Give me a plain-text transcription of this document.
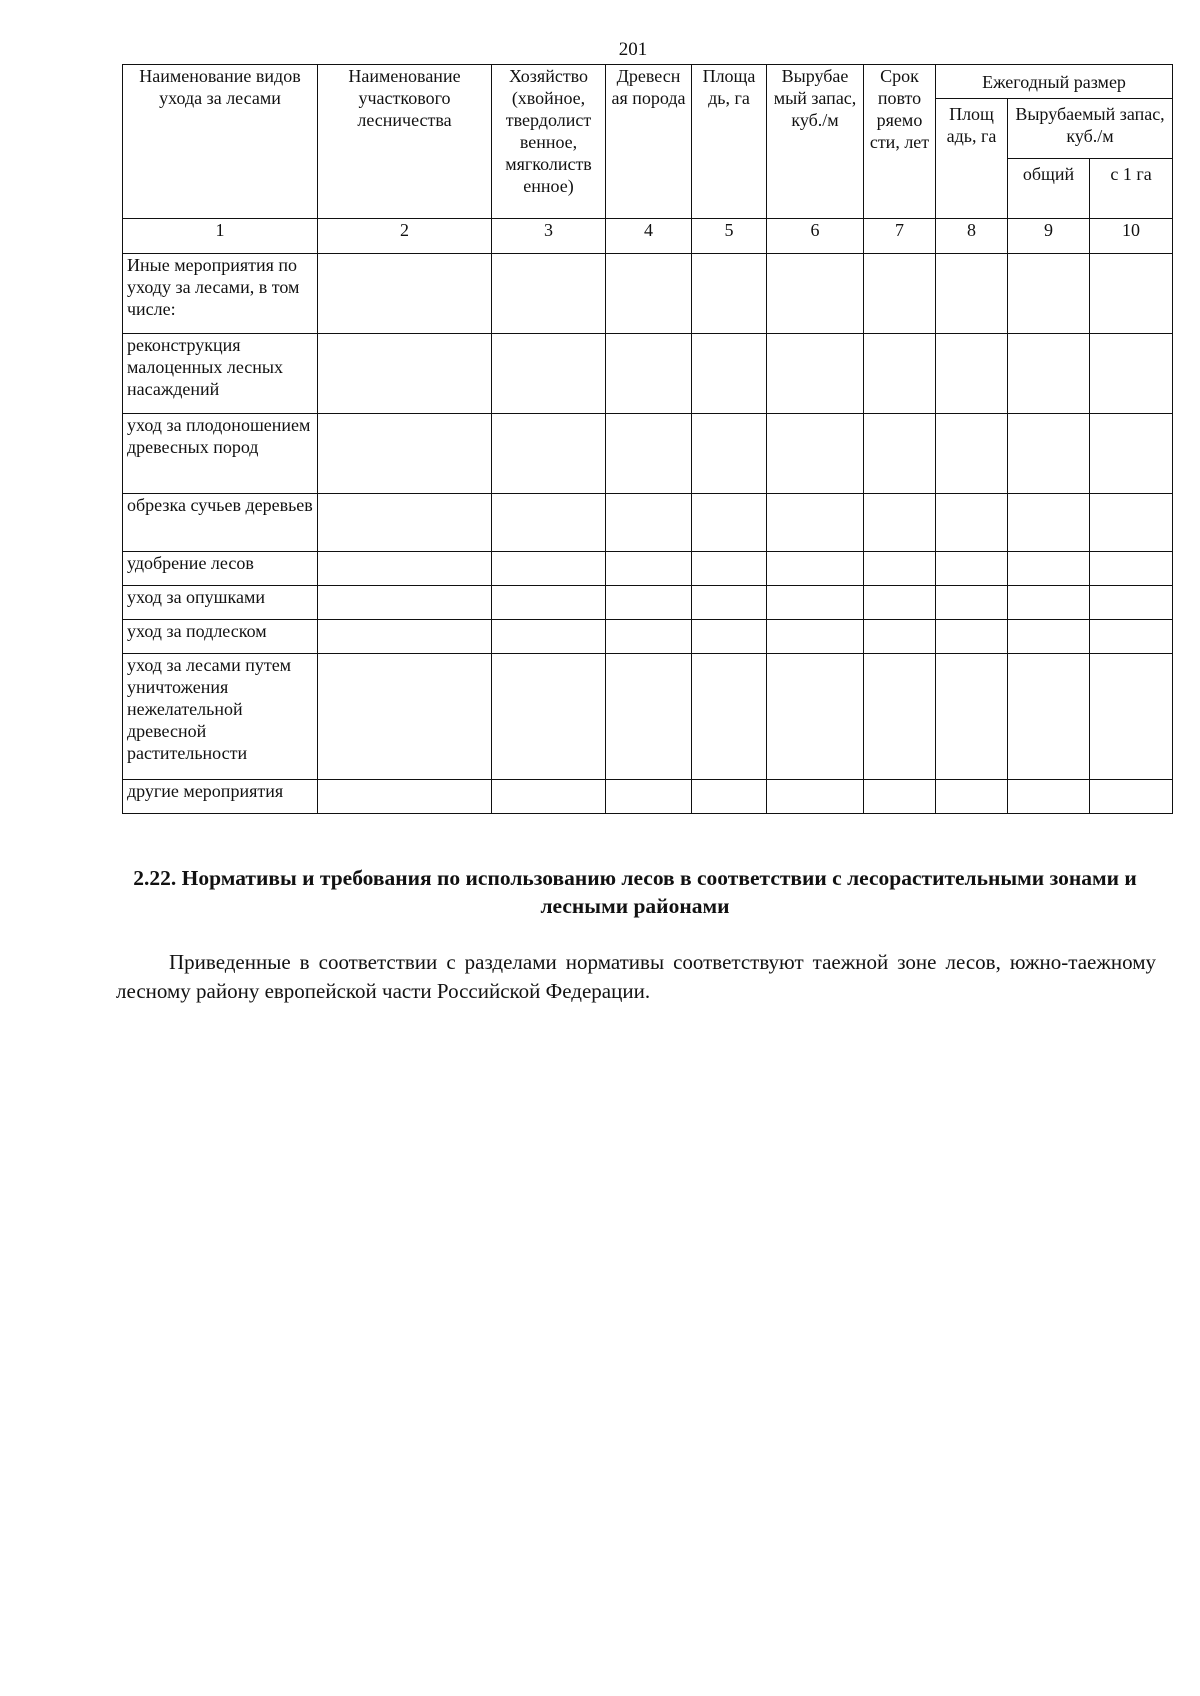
201
Наименование видов ухода за лесами	Наименование участкового лесничества	Хозяйство (хвойное, твердолист венное, мягколиств енное)	Древесн ая порода	Площа дь, га	Вырубае мый запас, куб./м	Срок повто ряемо сти, лет	Ежегодный размер		
							Площ адь, га	Вырубаемый запас, куб./м	
								общий	с 1 га
1	2	3	4	5	6	7	8	9	10
Иные мероприятия по уходу за лесами, в том числе:									
реконструкция малоценных лесных насаждений									
уход за плодоношением древесных пород									
обрезка сучьев деревьев									
удобрение лесов									
уход за опушками									
уход за подлеском									
уход за лесами путем уничтожения нежелательной древесной растительности									
другие мероприятия									
2.22. Нормативы и требования по использованию лесов в соответствии с лесорастительными зонами и лесными районами
Приведенные в соответствии с разделами нормативы соответствуют таежной зоне лесов, южно-таежному лесному району европейской части Российской Федерации.
